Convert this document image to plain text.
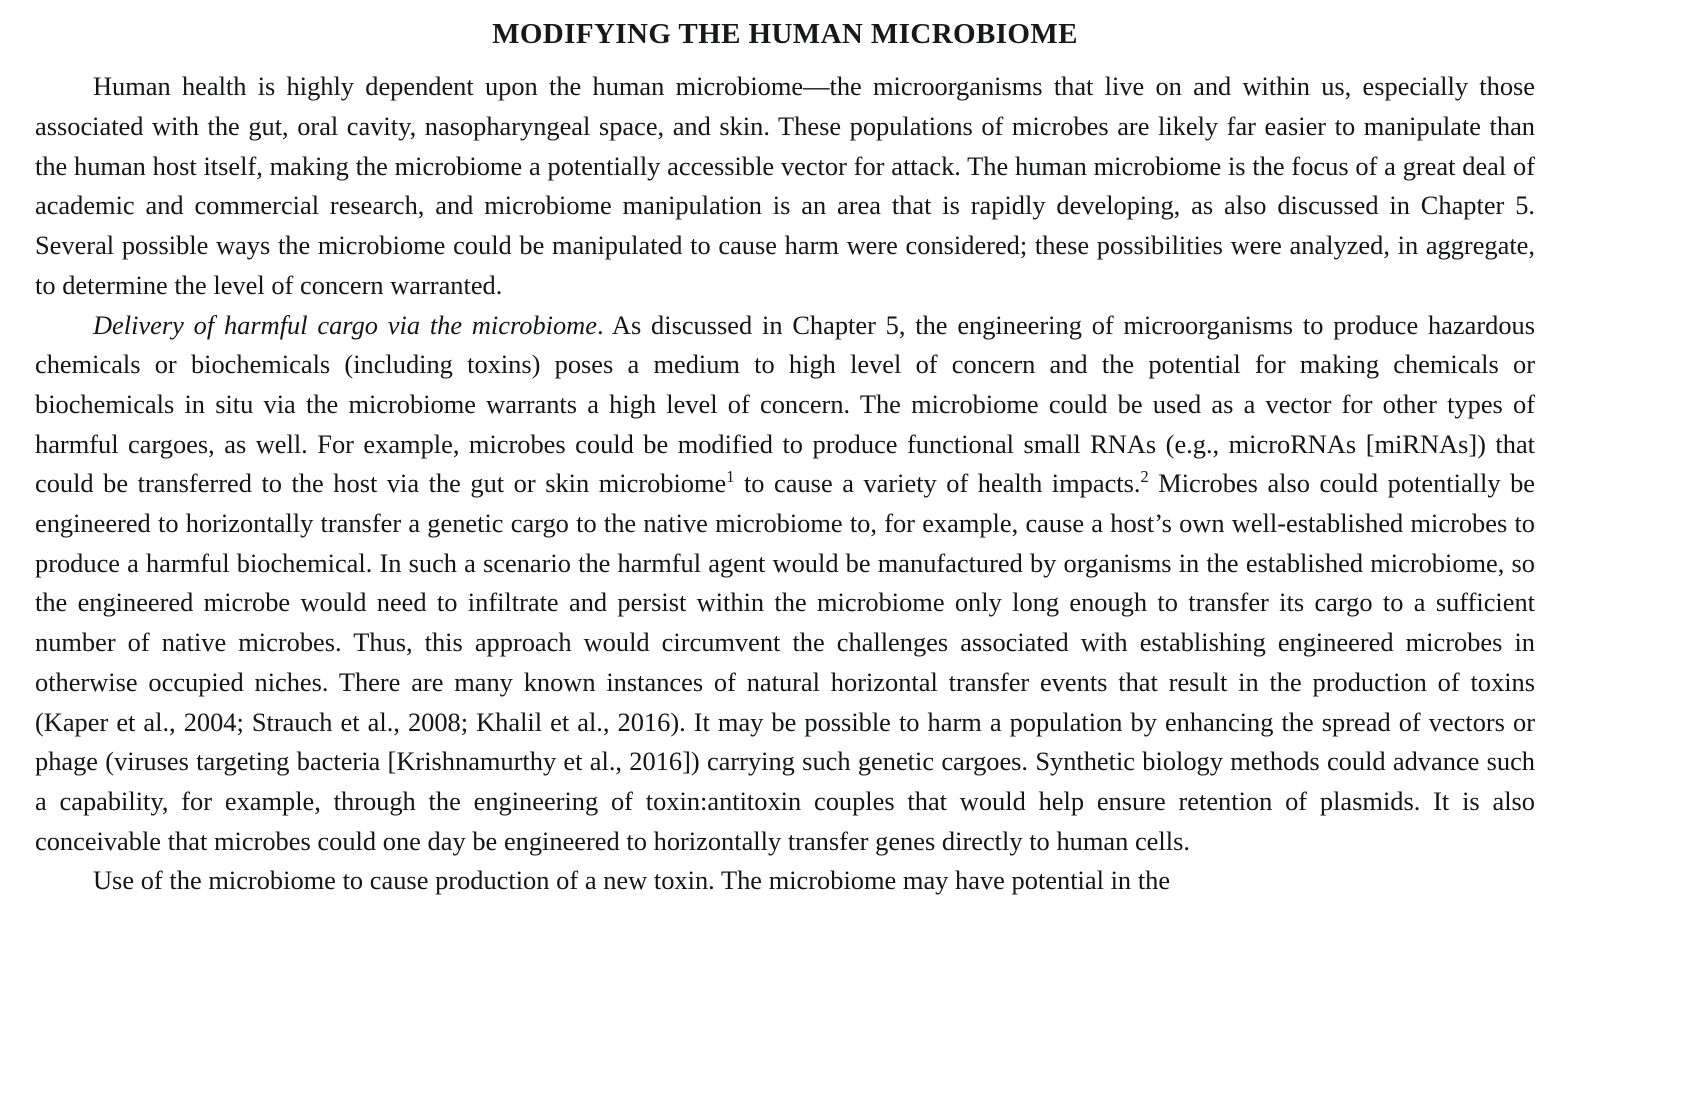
MODIFYING THE HUMAN MICROBIOME

Human health is highly dependent upon the human microbiome—the microorganisms that live on and within us, especially those associated with the gut, oral cavity, nasopharyngeal space, and skin. These populations of microbes are likely far easier to manipulate than the human host itself, making the microbiome a potentially accessible vector for attack. The human microbiome is the focus of a great deal of academic and commercial research, and microbiome manipulation is an area that is rapidly developing, as also discussed in Chapter 5. Several possible ways the microbiome could be manipulated to cause harm were considered; these possibilities were analyzed, in aggregate, to determine the level of concern warranted.

Delivery of harmful cargo via the microbiome. As discussed in Chapter 5, the engineering of microorganisms to produce hazardous chemicals or biochemicals (including toxins) poses a medium to high level of concern and the potential for making chemicals or biochemicals in situ via the microbiome warrants a high level of concern. The microbiome could be used as a vector for other types of harmful cargoes, as well. For example, microbes could be modified to produce functional small RNAs (e.g., microRNAs [miRNAs]) that could be transferred to the host via the gut or skin microbiome$^1$ to cause a variety of health impacts.$^2$ Microbes also could potentially be engineered to horizontally transfer a genetic cargo to the native microbiome to, for example, cause a host’s own well-established microbes to produce a harmful biochemical. In such a scenario the harmful agent would be manufactured by organisms in the established microbiome, so the engineered microbe would need to infiltrate and persist within the microbiome only long enough to transfer its cargo to a sufficient number of native microbes. Thus, this approach would circumvent the challenges associated with establishing engineered microbes in otherwise occupied niches. There are many known instances of natural horizontal transfer events that result in the production of toxins (Kaper et al., 2004; Strauch et al., 2008; Khalil et al., 2016). It may be possible to harm a population by enhancing the spread of vectors or phage (viruses targeting bacteria [Krishnamurthy et al., 2016]) carrying such genetic cargoes. Synthetic biology methods could advance such a capability, for example, through the engineering of toxin:antitoxin couples that would help ensure retention of plasmids. It is also conceivable that microbes could one day be engineered to horizontally transfer genes directly to human cells.

Use of the microbiome to cause production of a new toxin. The microbiome may have potential in the
